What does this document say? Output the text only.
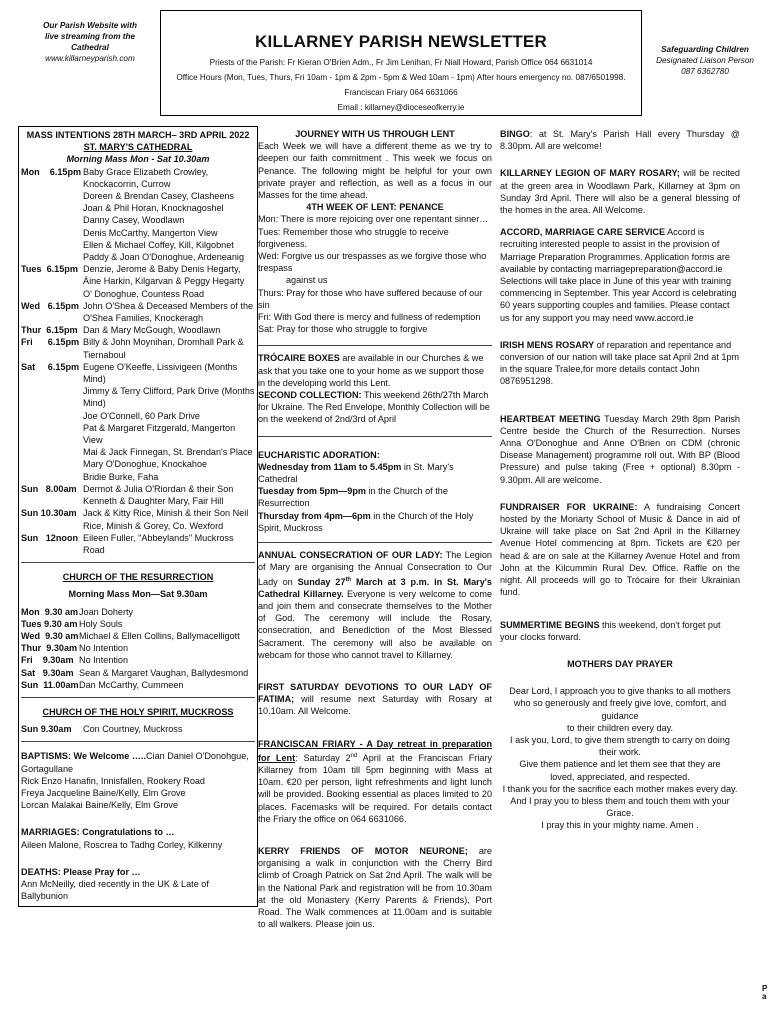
Our Parish Website with
live streaming from the
Cathedral
www.killarneyparish.com
KILLARNEY PARISH NEWSLETTER
Priests of the Parish: Fr Kieran O'Brien Adm., Fr Jim Lenihan, Fr Niall Howard, Parish Office 064 6631014
Office Hours (Mon, Tues, Thurs, Fri 10am - 1pm & 2pm - 5pm & Wed 10am - 1pm) After hours emergency no. 087/6501998. Franciscan Friary 064 6631066
Email : killarney@dioceseofkerry.ie
Safeguarding Children
Designated Liaison Person
087 6362780
MASS INTENTIONS 28TH MARCH– 3RD APRIL 2022
ST. MARY'S CATHEDRAL
Morning Mass Mon - Sat 10.30am
Mon    6.15pm Baby Grace Elizabeth Crowley, Knockacorrin, Currow
Doreen & Brendan Casey, Clasheens
Joan & Phil Horan, Knocknagoshel
Danny Casey, Woodlawn
Denis McCarthy, Mangerton View
Ellen & Michael Coffey, Kill, Kilgobnet
Paddy & Joan O'Donoghue, Ardeneanig
Tues  6.15pm Denzie, Jerome & Baby Denis Hegarty, Áine Harkin, Kilgarvan & Peggy Hegarty O' Donoghue, Countess Road
Wed   6.15pm John O'Shea & Deceased Members of the O'Shea Families, Knockeragh
Thur  6.15pm Dan & Mary McGough, Woodlawn
Fri      6.15pm Billy & John Moynihan, Dromhall Park & Tiernaboul
Sat     6.15pm Eugene O'Keeffe, Lissivigeen (Months Mind)
Jimmy & Terry Clifford, Park Drive (Months Mind)
Joe O'Connell, 60 Park Drive
Pat & Margaret Fitzgerald, Mangerton View
Mai & Jack Finnegan, St. Brendan's Place
Mary O'Donoghue, Knockahoe
Bridie Burke, Faha
Sun   8.00am Dermot & Julia O'Riordan & their Son Kenneth & Daughter Mary, Fair Hill
Sun 10.30am Jack & Kitty Rice, Minish & their Son Neil Rice, Minish & Gorey, Co. Wexford
Sun   12noon Eileen Fuller, "Abbeylands" Muckross Road
CHURCH OF THE RESURRECTION
Morning Mass Mon—Sat 9.30am
Mon  9.30 am Joan Doherty
Tues 9.30 am Holy Souls
Wed  9.30 am Michael & Ellen Collins, Ballymacelligott
Thur  9.30am No Intention
Fri    9.30am No Intention
Sat   9.30am Sean & Margaret Vaughan, Ballydesmond
Sun  11.00am Dan McCarthy, Cummeen
CHURCH OF THE HOLY SPIRIT, MUCKROSS
Sun 9.30am	Con Courtney, Muckross

BAPTISMS: We Welcome …..Cian Daniel O'Donohgue, Gortagullane

Rick Enzo Hanafin, Innisfallen, Rookery Road

Freya Jacqueline Baine/Kelly, Elm Grove

Lorcan Malakai Baine/Kelly, Elm Grove

MARRIAGES: Congratulations to …

Aileen Malone, Roscrea to Tadhg Corley, Kilkenny

DEATHS: Please Pray for …

Ann McNeilly, died recently in the UK & Late of Ballybunion

JOURNEY WITH US THROUGH LENT

Each Week we will have a different theme as we try to deepen our faith commitment . This week we focus on Penance. The following might be helpful for your own private prayer and reflection, as well as a focus in our Masses for the time ahead.

4TH WEEK OF LENT: PENANCE

Mon: There is more rejoicing over one repentant sinner…

Tues: Remember those who struggle to receive forgiveness.

Wed: Forgive us our trespasses as we forgive those who trespass

against us

Thurs: Pray for those who have suffered because of our sin

Fri: With God there is mercy and fullness of redemption

Sat: Pray for those who struggle to forgive

TRÓCAIRE BOXES are available in our Churches & we ask that you take one to your home as we support those in the developing world this Lent.

SECOND COLLECTION: This weekend 26th/27th March for Ukraine. The Red Envelope, Monthly Collection will be on the weekend of 2nd/3rd of April

EUCHARISTIC ADORATION:

Wednesday from 11am to 5.45pm in St. Mary's Cathedral

Tuesday from 5pm—9pm in the Church of the Resurrection

Thursday from 4pm—6pm in the Church of the Holy Spirit, Muckross

ANNUAL CONSECRATION OF OUR LADY: The Legion of Mary are organising the Annual Consecration to Our Lady on Sunday 27th March at 3 p.m. in St. Mary's Cathedral Killarney. Everyone is very welcome to come and join them and consecrate themselves to the Mother of God. The ceremony will include the Rosary, consecration, and Benediction of the Most Blessed Sacrament. The ceremony will also be available on webcam for those who cannot travel to Killarney.

FIRST SATURDAY DEVOTIONS TO OUR LADY OF FATIMA; will resume next Saturday with Rosary at 10.10am. All Welcome.

FRANCISCAN FRIARY - A Day retreat in preparation for Lent: Saturday 2nd April at the Franciscan Friary Killarney from 10am till 5pm beginning with Mass at 10am. €20 per person, light refreshments and light lunch will be provided. Booking essential as places limited to 20 places. Facemasks will be required. For details contact the Friary the office on 064 6631066.

KERRY FRIENDS OF MOTOR NEURONE; are organising a walk in conjunction with the Cherry Bird climb of Croagh Patrick on Sat 2nd April. The walk will be in the National Park and registration will be from 10.30am at the old Monastery (Kerry Parents & Friends), Port Road. The Walk commences at 11.00am and is suitable to all walkers. Please join us.

BINGO: at St. Mary's Parish Hall every Thursday @ 8.30pm. All are welcome!

KILLARNEY LEGION OF MARY ROSARY; will be recited at the green area in Woodlawn Park, Killarney at 3pm on Sunday 3rd April. There will also be a general blessing of the homes in the area. All Welcome.

ACCORD, MARRIAGE CARE SERVICE Accord is recruiting interested people to assist in the provision of Marriage Preparation Programmes. Application forms are available by contacting marriagepreparation@accord.ie Selections will take place in June of this year with training commencing in September. This year Accord is celebrating 60 years supporting couples and families. Please contact us for any support you may need www.accord.ie

IRISH MENS ROSARY of reparation and repentance and conversion of our nation will take place sat April 2nd at 1pm in the square Tralee,for more details contact John 0876951298.

HEARTBEAT MEETING Tuesday March 29th 8pm Parish Centre beside the Church of the Resurrection. Nurses Anna O'Donoghue and Anne O'Brien on CDM (chronic Disease Management) programme roll out. With BP (Blood Pressure) and pulse taking (Free + optional) 8.30pm - 9.30pm. All are welcome.

FUNDRAISER FOR UKRAINE: A fundraising Concert hosted by the Moriarty School of Music & Dance in aid of Ukraine will take place on Sat 2nd April in the Killarney Avenue Hotel commencing at 8pm. Tickets are €20 per head & are on sale at the Killarney Avenue Hotel and from John at the Kilcummin Rural Dev. Office. Raffle on the night. All proceeds will go to Trócaire for their Ukrainian fund.

SUMMERTIME BEGINS this weekend, don't forget put your clocks forward.

MOTHERS DAY PRAYER

Dear Lord, I approach you to give thanks to all mothers

who so generously and freely give love, comfort, and guidance

to their children every day.

I ask you, Lord, to give them strength to carry on doing their work.

Give them patience and let them see that they are

loved, appreciated, and respected.

I thank you for the sacrifice each mother makes every day.

And I pray you to bless them and touch them with your Grace.

I pray this in your mighty name. Amen .

P a
